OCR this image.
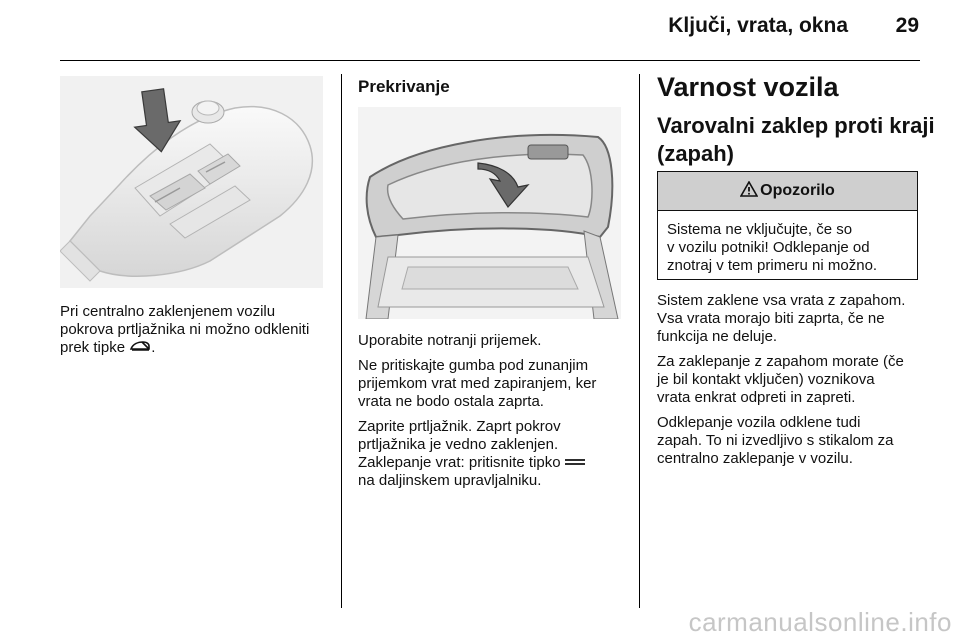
Ključi, vrata, okna 29
Pri centralno zaklenjenem vozilu
pokrova prtljažnika ni možno odkleniti
prek tipke .
Prekrivanje

Uporabite notranji prijemek.

Ne pritiskajte gumba pod zunanjim
prijemkom vrat med zapiranjem, ker
vrata ne bodo ostala zaprta.

Zaprite prtljažnik. Zaprt pokrov
prtljažnika je vedno zaklenjen.
Zaklepanje vrat: pritisnite tipko
na daljinskem upravljalniku.

Varnost vozila
Varovalni zaklep proti kraji
(zapah)
Opozorilo
Sistema ne vključujte, če so
v vozilu potniki! Odklepanje od
znotraj v tem primeru ni možno.

Sistem zaklene vsa vrata z zapahom.
Vsa vrata morajo biti zaprta, če ne
funkcija ne deluje.

Za zaklepanje z zapahom morate (če
je bil kontakt vključen) voznikova
vrata enkrat odpreti in zapreti.

Odklepanje vozila odklene tudi
zapah. To ni izvedljivo s stikalom za
centralno zaklepanje v vozilu.

carmanualsonline.info
